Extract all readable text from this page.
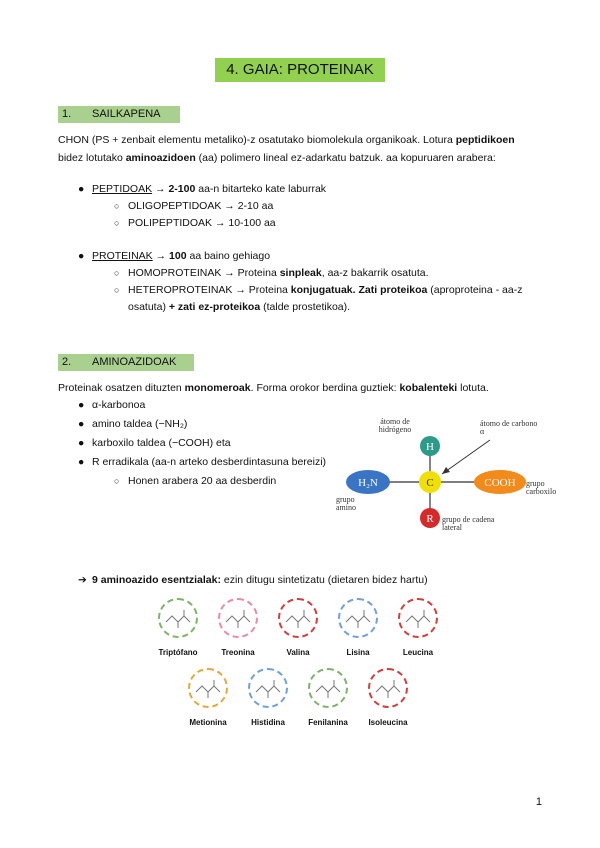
4. GAIA: PROTEINAK
1. SAILKAPENA

CHON (PS + zenbait elementu metaliko)-z osatutako biomolekula organikoak. Lotura peptidikoen

bidez lotutako aminoazidoen (aa) polimero lineal ez-adarkatu batzuk. aa kopuruaren arabera:

● PEPTIDOAK → 2-100 aa-n bitarteko kate laburrak
○ OLIGOPEPTIDOAK → 2-10 aa
○ POLIPEPTIDOAK → 10-100 aa
● PROTEINAK → 100 aa baino gehiago
○ HOMOPROTEINAK → Proteina sinpleak, aa-z bakarrik osatuta.
○ HETEROPROTEINAK → Proteina konjugatuak. Zati proteikoa (aproproteina - aa-z
osatuta) + zati ez-proteikoa (talde prostetikoa).
2. AMINOAZIDOAK

Proteinak osatzen dituzten monomeroak. Forma orokor berdina guztiek: kobalenteki lotuta.

● α-karbonoa
● amino taldea (−NH₂)
● karboxilo taldea (−COOH) eta
● R erradikala (aa-n arteko desberdintasuna bereizi)
○ Honen arabera 20 aa desberdin
H
C
H₂N	COOH
R
átomo de hidrógeno
átomo de carbono α
grupo amino
grupo carboxilo
grupo de cadena lateral
➔ 9 aminoazido esentzialak: ezin ditugu sintetizatu (dietaren bidez hartu)
Triptófano	Treonina	Valina	Lisina	Leucina
Metionina	Histidina	Fenilanina	Isoleucina
1
